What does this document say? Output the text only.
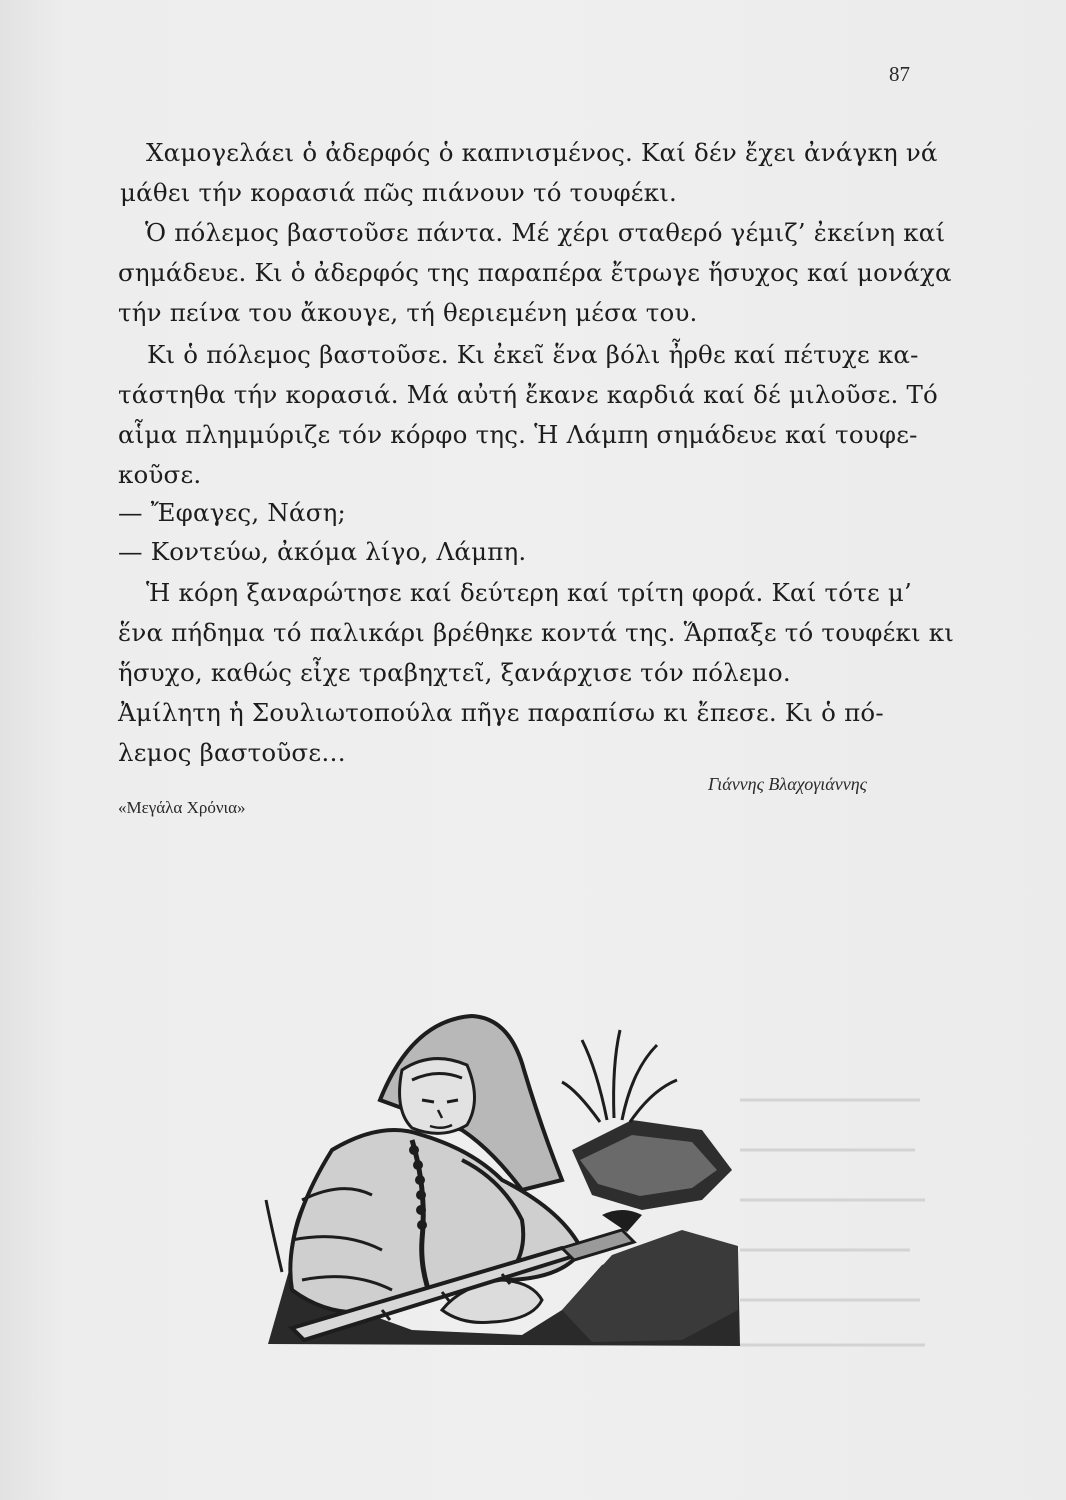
87
Χαμογελάει ὁ ἀδερφός ὁ καπνισμένος. Καί δέν ἔχει ἀνάγκη νά
μάθει τήν κορασιά πῶς πιάνουν τό τουφέκι.
Ὁ πόλεμος βαστοῦσε πάντα. Μέ χέρι σταθερό γέμιζ’ ἐκείνη καί
σημάδευε. Κι ὁ ἀδερφός της παραπέρα ἔτρωγε ἥσυχος καί μονάχα
τήν πείνα του ἄκουγε, τή θεριεμένη μέσα του.
Κι ὁ πόλεμος βαστοῦσε. Κι ἐκεῖ ἕνα βόλι ἦρθε καί πέτυχε κα-
τάστηθα τήν κορασιά. Μά αὐτή ἔκανε καρδιά καί δέ μιλοῦσε. Τό
αἷμα πλημμύριζε τόν κόρφο της. Ἡ Λάμπη σημάδευε καί τουφε-
κοῦσε.
— Ἔφαγες, Νάση;
— Κοντεύω, ἀκόμα λίγο, Λάμπη.
Ἡ κόρη ξαναρώτησε καί δεύτερη καί τρίτη φορά. Καί τότε μ’
ἕνα πήδημα τό παλικάρι βρέθηκε κοντά της. Ἅρπαξε τό τουφέκι κι
ἥσυχο, καθώς εἶχε τραβηχτεῖ, ξανάρχισε τόν πόλεμο.
Ἀμίλητη ἡ Σουλιωτοπούλα πῆγε παραπίσω κι ἔπεσε. Κι ὁ πό-
λεμος βαστοῦσε…
«Μεγάλα Χρόνια»
Γιάννης Βλαχογιάννης
